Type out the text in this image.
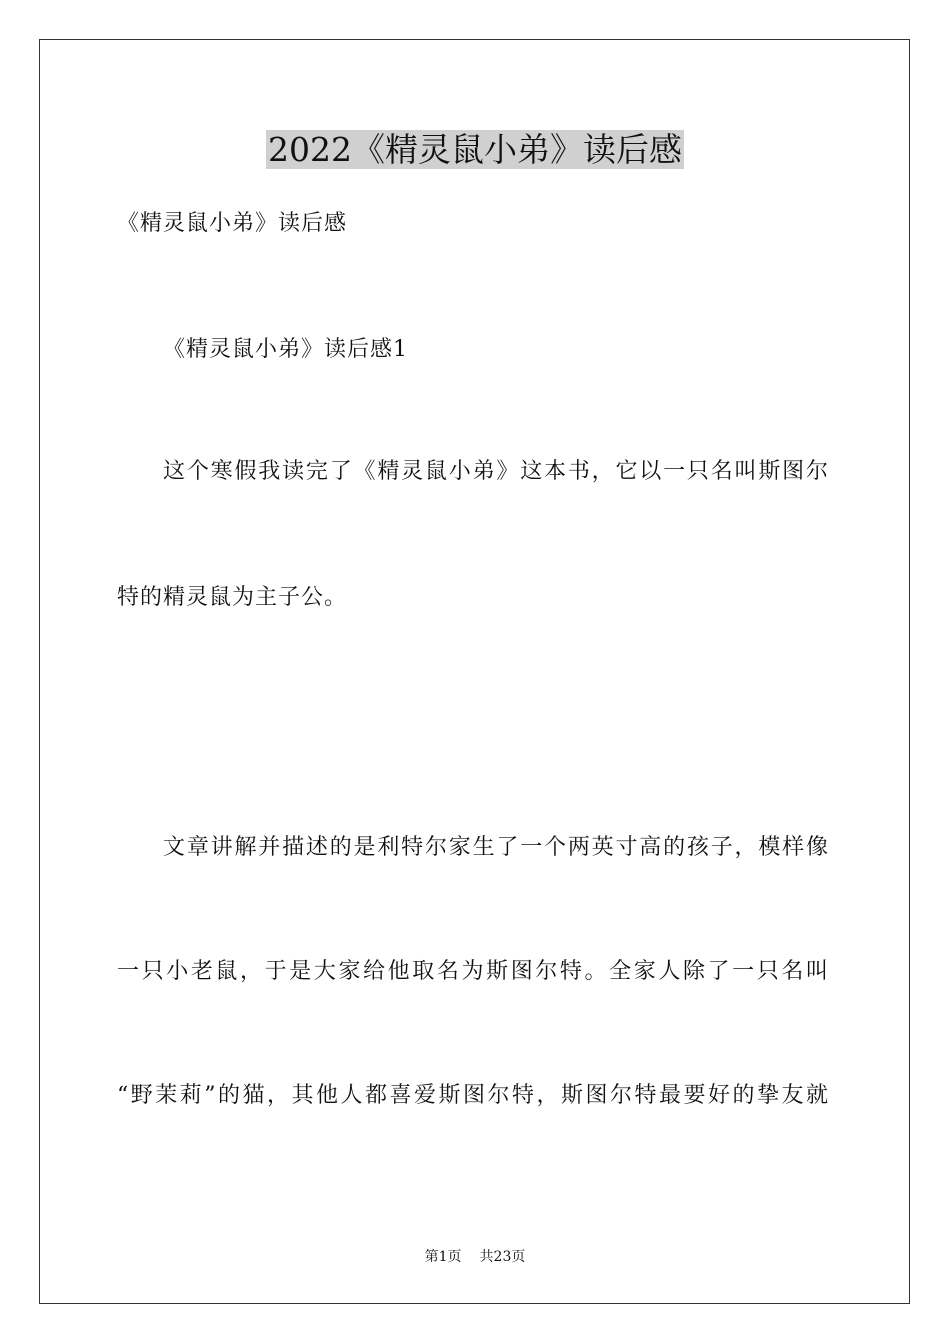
2022《精灵鼠小弟》读后感
《精灵鼠小弟》读后感
《精灵鼠小弟》读后感1
这个寒假我读完了《精灵鼠小弟》这本书，它以一只名叫斯图尔
特的精灵鼠为主子公。
文章讲解并描述的是利特尔家生了一个两英寸高的孩子，模样像
一只小老鼠，于是大家给他取名为斯图尔特。全家人除了一只名叫
“野茉莉”的猫，其他人都喜爱斯图尔特，斯图尔特最要好的挚友就
第1页 共23页
